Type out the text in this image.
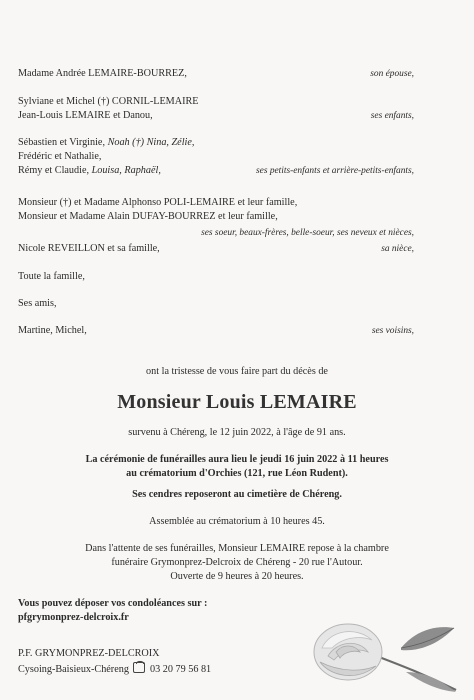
Madame Andrée LEMAIRE-BOURREZ,	son épouse,
Sylviane et Michel (†) CORNIL-LEMAIRE
Jean-Louis LEMAIRE et Danou,	ses enfants,
Sébastien et Virginie, Noah (†) Nina, Zélie,
Frédéric et Nathalie,
Rémy et Claudie, Louisa, Raphaël,	ses petits-enfants et arrière-petits-enfants,
Monsieur (†) et Madame Alphonso POLI-LEMAIRE et leur famille,
Monsieur et Madame Alain DUFAY-BOURREZ et leur famille,
ses soeur, beaux-frères, belle-soeur, ses neveux et nièces,
Nicole REVEILLON et sa famille,	sa nièce,
Toute la famille,
Ses amis,
Martine, Michel,	ses voisins,
ont la tristesse de vous faire part du décès de
Monsieur Louis LEMAIRE
survenu à Chéreng, le 12 juin 2022, à l'âge de 91 ans.
La cérémonie de funérailles aura lieu le jeudi 16 juin 2022 à 11 heures
au crématorium d'Orchies (121, rue Léon Rudent).
Ses cendres reposeront au cimetière de Chéreng.
Assemblée au crématorium à 10 heures 45.
Dans l'attente de ses funérailles, Monsieur LEMAIRE repose à la chambre
funéraire Grymonprez-Delcroix de Chéreng - 20 rue l'Autour.
Ouverte de 9 heures à 20 heures.
Vous pouvez déposer vos condoléances sur :
pfgrymonprez-delcroix.fr
P.F. GRYMONPREZ-DELCROIX
Cysoing-Baisieux-Chéreng 03 20 79 56 81
